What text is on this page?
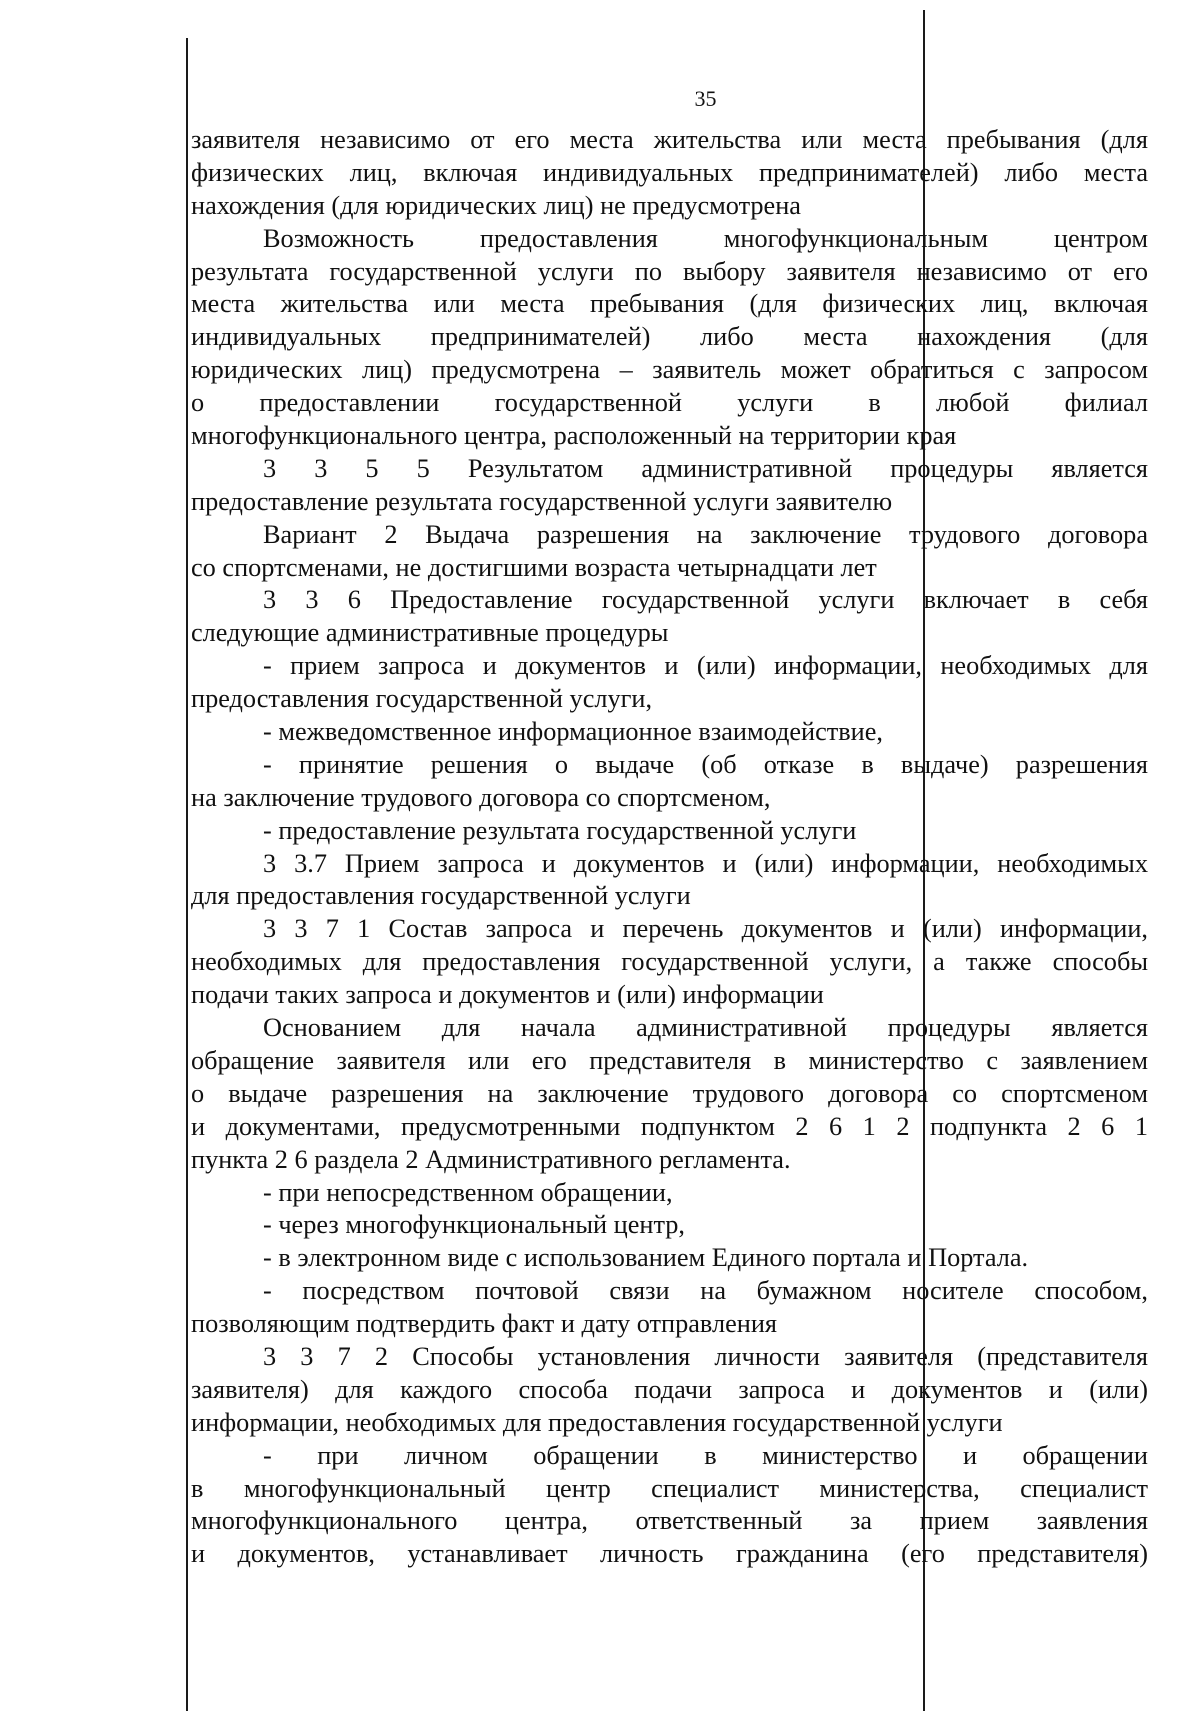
35
заявителя независимо от его места жительства или места пребывания (для
физических лиц, включая индивидуальных предпринимателей) либо места
нахождения (для юридических лиц) не предусмотрена
Возможность предоставления многофункциональным центром
результата государственной услуги по выбору заявителя независимо от его
места жительства или места пребывания (для физических лиц, включая
индивидуальных предпринимателей) либо места нахождения (для
юридических лиц) предусмотрена – заявитель может обратиться с запросом
о предоставлении государственной услуги в любой филиал
многофункционального центра, расположенный на территории края
3 3 5 5 Результатом административной процедуры является
предоставление результата государственной услуги заявителю
Вариант 2 Выдача разрешения на заключение трудового договора
со спортсменами, не достигшими возраста четырнадцати лет
3 3 6 Предоставление государственной услуги включает в себя
следующие административные процедуры
- прием запроса и документов и (или) информации, необходимых для
предоставления государственной услуги,
- межведомственное информационное взаимодействие,
- принятие решения о выдаче (об отказе в выдаче) разрешения
на заключение трудового договора со спортсменом,
- предоставление результата государственной услуги
3 3.7 Прием запроса и документов и (или) информации, необходимых
для предоставления государственной услуги
3 3 7 1 Состав запроса и перечень документов и (или) информации,
необходимых для предоставления государственной услуги, а также способы
подачи таких запроса и документов и (или) информации
Основанием для начала административной процедуры является
обращение заявителя или его представителя в министерство с заявлением
о выдаче разрешения на заключение трудового договора со спортсменом
и документами, предусмотренными подпунктом 2 6 1 2 подпункта 2 6 1
пункта 2 6 раздела 2 Административного регламента.
- при непосредственном обращении,
- через многофункциональный центр,
- в электронном виде с использованием Единого портала и Портала.
- посредством почтовой связи на бумажном носителе способом,
позволяющим подтвердить факт и дату отправления
3 3 7 2 Способы установления личности заявителя (представителя
заявителя) для каждого способа подачи запроса и документов и (или)
информации, необходимых для предоставления государственной услуги
- при личном обращении в министерство и обращении
в многофункциональный центр специалист министерства, специалист
многофункционального центра, ответственный за прием заявления
и документов, устанавливает личность гражданина (его представителя)
